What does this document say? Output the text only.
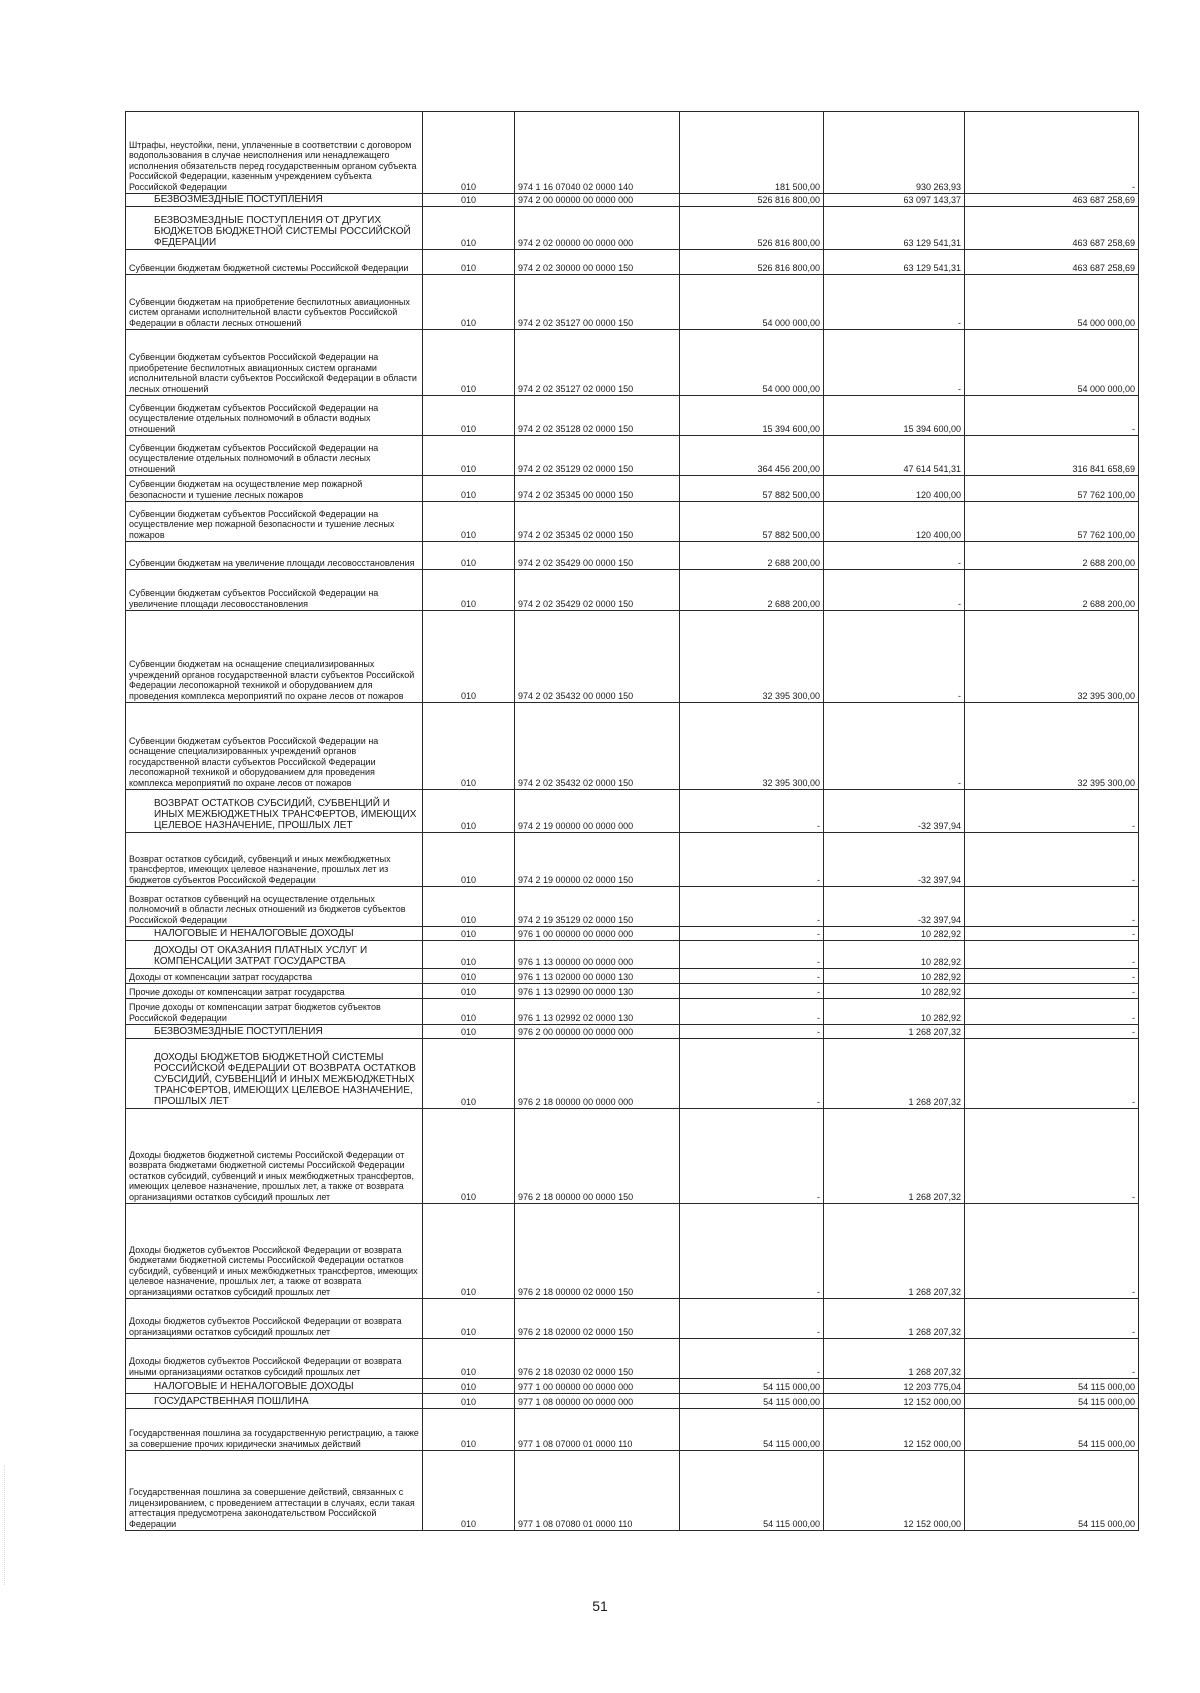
Штрафы, неустойки, пени, уплаченные в соответствии с договором водопользования в случае неисполнения или ненадлежащего исполнения обязательств перед государственным органом субъекта Российской Федерации, казенным учреждением субъекта Российской Федерации	010	974 1 16 07040 02 0000 140	181 500,00	930 263,93	-
БЕЗВОЗМЕЗДНЫЕ ПОСТУПЛЕНИЯ	010	974 2 00 00000 00 0000 000	526 816 800,00	63 097 143,37	463 687 258,69
БЕЗВОЗМЕЗДНЫЕ ПОСТУПЛЕНИЯ ОТ ДРУГИХ БЮДЖЕТОВ БЮДЖЕТНОЙ СИСТЕМЫ РОССИЙСКОЙ ФЕДЕРАЦИИ	010	974 2 02 00000 00 0000 000	526 816 800,00	63 129 541,31	463 687 258,69
Субвенции бюджетам бюджетной системы Российской Федерации	010	974 2 02 30000 00 0000 150	526 816 800,00	63 129 541,31	463 687 258,69
Субвенции бюджетам на приобретение беспилотных авиационных систем органами исполнительной власти субъектов Российской Федерации в области лесных отношений	010	974 2 02 35127 00 0000 150	54 000 000,00	-	54 000 000,00
Субвенции бюджетам субъектов Российской Федерации на приобретение беспилотных авиационных систем органами исполнительной власти субъектов Российской Федерации в области лесных отношений	010	974 2 02 35127 02 0000 150	54 000 000,00	-	54 000 000,00
Субвенции бюджетам субъектов Российской Федерации на осуществление отдельных полномочий в области водных отношений	010	974 2 02 35128 02 0000 150	15 394 600,00	15 394 600,00	-
Субвенции бюджетам субъектов Российской Федерации на осуществление отдельных полномочий в области лесных отношений	010	974 2 02 35129 02 0000 150	364 456 200,00	47 614 541,31	316 841 658,69
Субвенции бюджетам на осуществление мер пожарной безопасности и тушение лесных пожаров	010	974 2 02 35345 00 0000 150	57 882 500,00	120 400,00	57 762 100,00
Субвенции бюджетам субъектов Российской Федерации на осуществление мер пожарной безопасности и тушение лесных пожаров	010	974 2 02 35345 02 0000 150	57 882 500,00	120 400,00	57 762 100,00
Субвенции бюджетам на увеличение площади лесовосстановления	010	974 2 02 35429 00 0000 150	2 688 200,00	-	2 688 200,00
Субвенции бюджетам субъектов Российской Федерации на увеличение площади лесовосстановления	010	974 2 02 35429 02 0000 150	2 688 200,00	-	2 688 200,00
Субвенции бюджетам на оснащение специализированных учреждений органов государственной власти субъектов Российской Федерации лесопожарной техникой и оборудованием для проведения комплекса мероприятий по охране лесов от пожаров	010	974 2 02 35432 00 0000 150	32 395 300,00	-	32 395 300,00
Субвенции бюджетам субъектов Российской Федерации на оснащение специализированных учреждений органов государственной власти субъектов Российской Федерации лесопожарной техникой и оборудованием для проведения комплекса мероприятий по охране лесов от пожаров	010	974 2 02 35432 02 0000 150	32 395 300,00	-	32 395 300,00
ВОЗВРАТ ОСТАТКОВ СУБСИДИЙ, СУБВЕНЦИЙ И ИНЫХ МЕЖБЮДЖЕТНЫХ ТРАНСФЕРТОВ, ИМЕЮЩИХ ЦЕЛЕВОЕ НАЗНАЧЕНИЕ, ПРОШЛЫХ ЛЕТ	010	974 2 19 00000 00 0000 000	-	-32 397,94	-
Возврат остатков субсидий, субвенций и иных межбюджетных трансфертов, имеющих целевое назначение, прошлых лет из бюджетов субъектов Российской Федерации	010	974 2 19 00000 02 0000 150	-	-32 397,94	-
Возврат остатков субвенций на осуществление отдельных полномочий в области лесных отношений из бюджетов субъектов Российской Федерации	010	974 2 19 35129 02 0000 150	-	-32 397,94	-
НАЛОГОВЫЕ И НЕНАЛОГОВЫЕ ДОХОДЫ	010	976 1 00 00000 00 0000 000	-	10 282,92	-
ДОХОДЫ ОТ ОКАЗАНИЯ ПЛАТНЫХ УСЛУГ И КОМПЕНСАЦИИ ЗАТРАТ ГОСУДАРСТВА	010	976 1 13 00000 00 0000 000	-	10 282,92	-
Доходы от компенсации затрат государства	010	976 1 13 02000 00 0000 130	-	10 282,92	-
Прочие доходы от компенсации затрат государства	010	976 1 13 02990 00 0000 130	-	10 282,92	-
Прочие доходы от компенсации затрат бюджетов субъектов Российской Федерации	010	976 1 13 02992 02 0000 130	-	10 282,92	-
БЕЗВОЗМЕЗДНЫЕ ПОСТУПЛЕНИЯ	010	976 2 00 00000 00 0000 000	-	1 268 207,32	-
ДОХОДЫ БЮДЖЕТОВ БЮДЖЕТНОЙ СИСТЕМЫ РОССИЙСКОЙ ФЕДЕРАЦИИ ОТ ВОЗВРАТА ОСТАТКОВ СУБСИДИЙ, СУБВЕНЦИЙ И ИНЫХ МЕЖБЮДЖЕТНЫХ ТРАНСФЕРТОВ, ИМЕЮЩИХ ЦЕЛЕВОЕ НАЗНАЧЕНИЕ, ПРОШЛЫХ ЛЕТ	010	976 2 18 00000 00 0000 000	-	1 268 207,32	-
Доходы бюджетов бюджетной системы Российской Федерации от возврата бюджетами бюджетной системы Российской Федерации остатков субсидий, субвенций и иных межбюджетных трансфертов, имеющих целевое назначение, прошлых лет, а также от возврата организациями остатков субсидий прошлых лет	010	976 2 18 00000 00 0000 150	-	1 268 207,32	-
Доходы бюджетов субъектов Российской Федерации от возврата бюджетами бюджетной системы Российской Федерации остатков субсидий, субвенций и иных межбюджетных трансфертов, имеющих целевое назначение, прошлых лет, а также от возврата организациями остатков субсидий прошлых лет	010	976 2 18 00000 02 0000 150	-	1 268 207,32	-
Доходы бюджетов субъектов Российской Федерации от возврата организациями остатков субсидий прошлых лет	010	976 2 18 02000 02 0000 150	-	1 268 207,32	-
Доходы бюджетов субъектов Российской Федерации от возврата иными организациями остатков субсидий прошлых лет	010	976 2 18 02030 02 0000 150	-	1 268 207,32	-
НАЛОГОВЫЕ И НЕНАЛОГОВЫЕ ДОХОДЫ	010	977 1 00 00000 00 0000 000	54 115 000,00	12 203 775,04	54 115 000,00
ГОСУДАРСТВЕННАЯ ПОШЛИНА	010	977 1 08 00000 00 0000 000	54 115 000,00	12 152 000,00	54 115 000,00
Государственная пошлина за государственную регистрацию, а также за совершение прочих юридически значимых действий	010	977 1 08 07000 01 0000 110	54 115 000,00	12 152 000,00	54 115 000,00
Государственная пошлина за совершение действий, связанных с лицензированием, с проведением аттестации в случаях, если такая аттестация предусмотрена законодательством Российской Федерации	010	977 1 08 07080 01 0000 110	54 115 000,00	12 152 000,00	54 115 000,00
51
